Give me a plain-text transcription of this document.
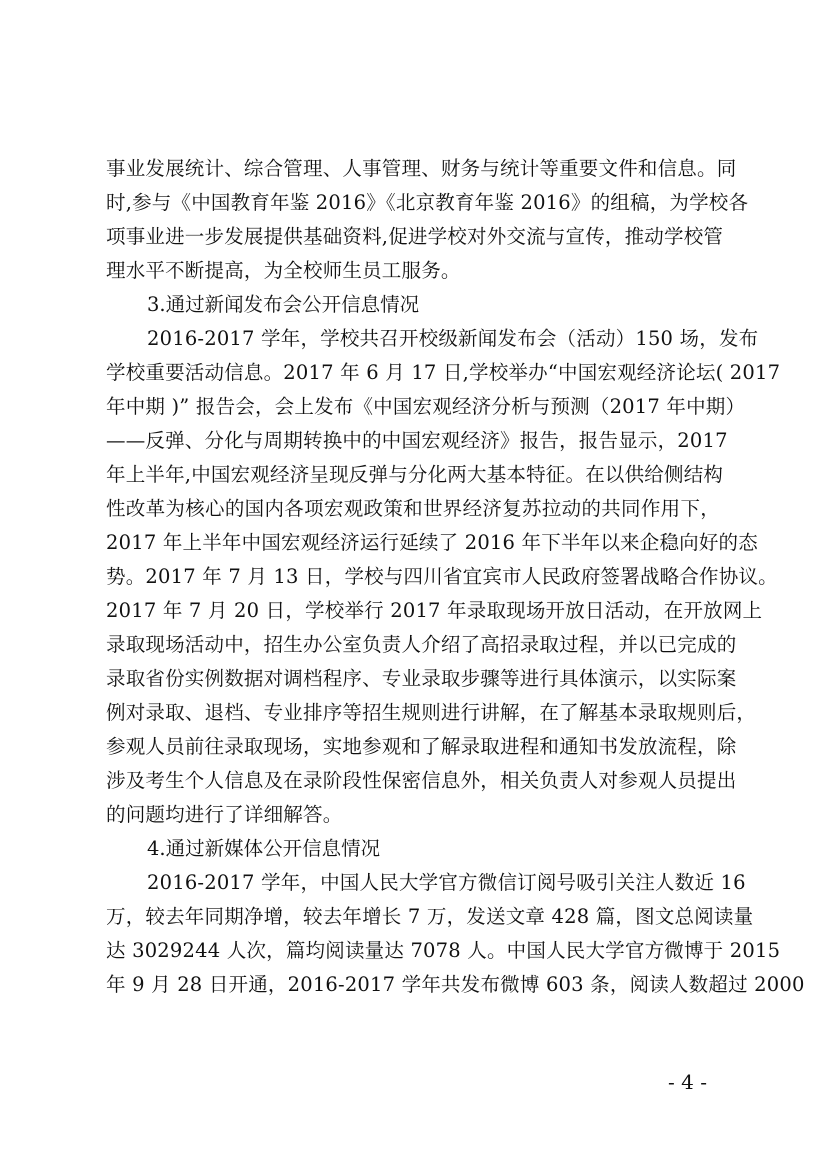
事业发展统计、综合管理、人事管理、财务与统计等重要文件和信息。同
时,参与《中国教育年鉴 2016》《北京教育年鉴 2016》的组稿，为学校各
项事业进一步发展提供基础资料,促进学校对外交流与宣传，推动学校管
理水平不断提高，为全校师生员工服务。
3.通过新闻发布会公开信息情况
2016-2017 学年，学校共召开校级新闻发布会（活动）150 场，发布
学校重要活动信息。2017 年 6 月 17 日,学校举办“中国宏观经济论坛( 2017
年中期 )” 报告会，会上发布《中国宏观经济分析与预测（2017 年中期）
——反弹、分化与周期转换中的中国宏观经济》报告，报告显示，2017
年上半年,中国宏观经济呈现反弹与分化两大基本特征。在以供给侧结构
性改革为核心的国内各项宏观政策和世界经济复苏拉动的共同作用下，
2017 年上半年中国宏观经济运行延续了 2016 年下半年以来企稳向好的态
势。2017 年 7 月 13 日，学校与四川省宜宾市人民政府签署战略合作协议。
2017 年 7 月 20 日，学校举行 2017 年录取现场开放日活动，在开放网上
录取现场活动中，招生办公室负责人介绍了高招录取过程，并以已完成的
录取省份实例数据对调档程序、专业录取步骤等进行具体演示，以实际案
例对录取、退档、专业排序等招生规则进行讲解，在了解基本录取规则后，
参观人员前往录取现场，实地参观和了解录取进程和通知书发放流程，除
涉及考生个人信息及在录阶段性保密信息外，相关负责人对参观人员提出
的问题均进行了详细解答。
4.通过新媒体公开信息情况
2016-2017 学年，中国人民大学官方微信订阅号吸引关注人数近 16
万，较去年同期净增，较去年增长 7 万，发送文章 428 篇，图文总阅读量
达 3029244 人次，篇均阅读量达 7078 人。中国人民大学官方微博于 2015
年 9 月 28 日开通，2016-2017 学年共发布微博 603 条，阅读人数超过 2000
- 4 -
